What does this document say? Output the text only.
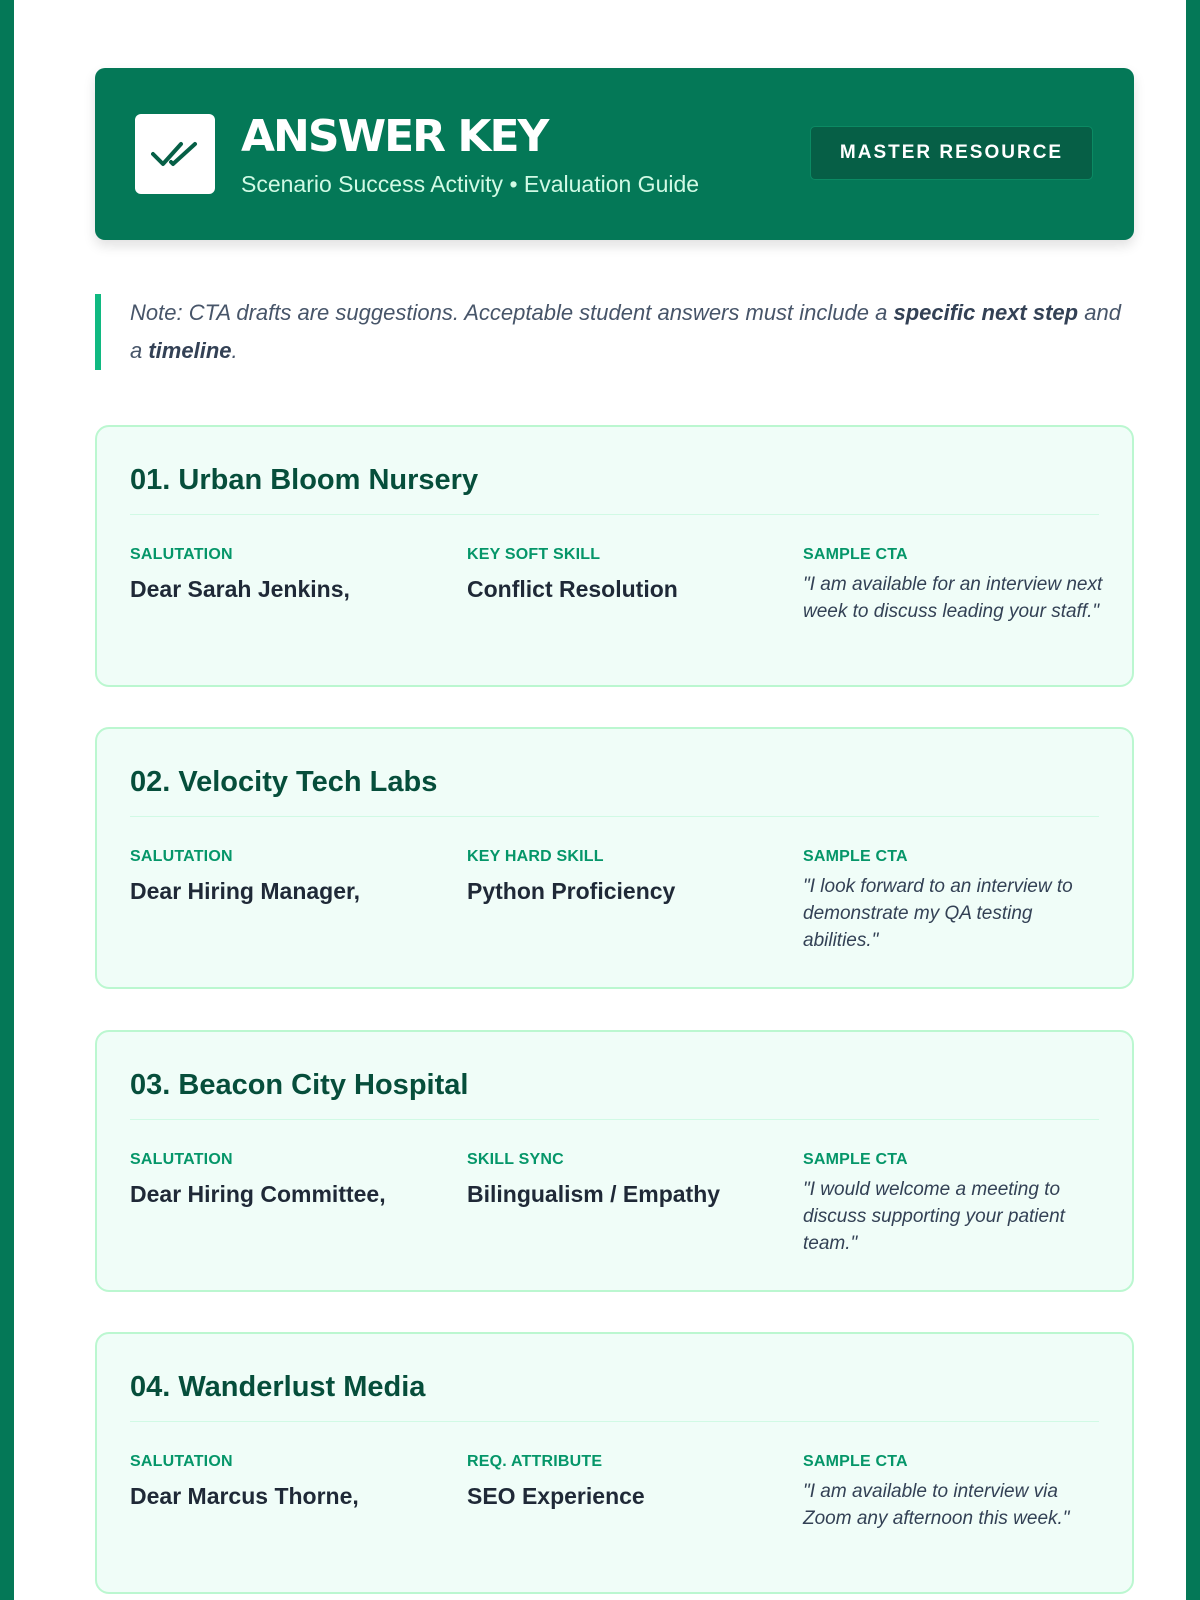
ANSWER KEY
Scenario Success Activity • Evaluation Guide
MASTER RESOURCE
Note: CTA drafts are suggestions. Acceptable student answers must include a specific next step and a timeline.
01. Urban Bloom Nursery
SALUTATION
Dear Sarah Jenkins,
KEY SOFT SKILL
Conflict Resolution
SAMPLE CTA
"I am available for an interview next week to discuss leading your staff."
02. Velocity Tech Labs
SALUTATION
Dear Hiring Manager,
KEY HARD SKILL
Python Proficiency
SAMPLE CTA
"I look forward to an interview to demonstrate my QA testing abilities."
03. Beacon City Hospital
SALUTATION
Dear Hiring Committee,
SKILL SYNC
Bilingualism / Empathy
SAMPLE CTA
"I would welcome a meeting to discuss supporting your patient team."
04. Wanderlust Media
SALUTATION
Dear Marcus Thorne,
REQ. ATTRIBUTE
SEO Experience
SAMPLE CTA
"I am available to interview via Zoom any afternoon this week."
